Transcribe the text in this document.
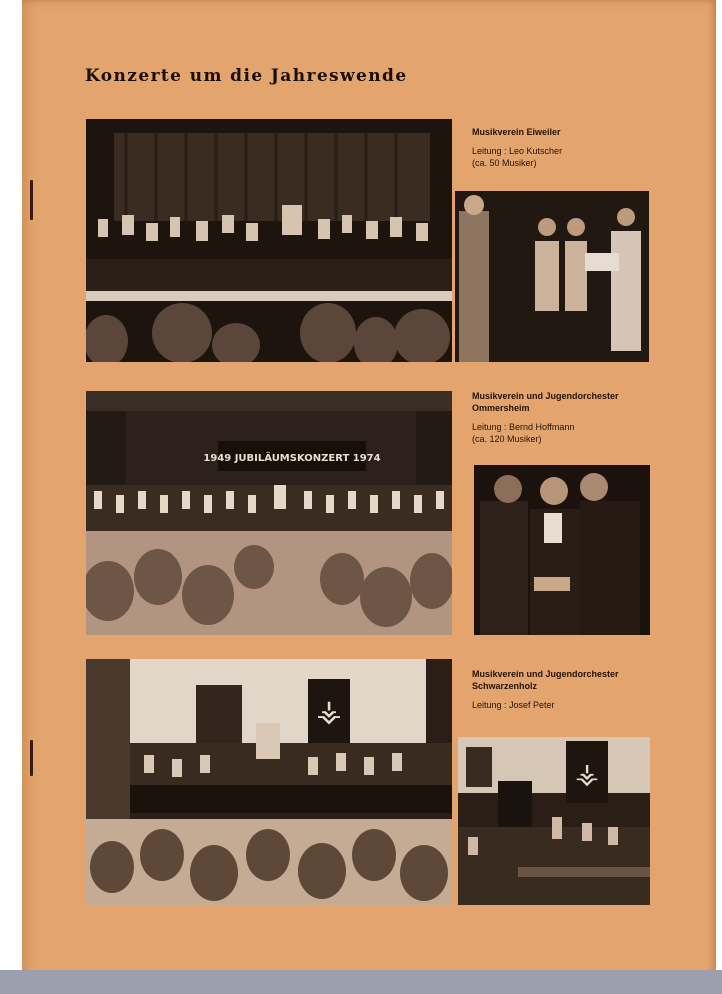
Konzerte um die Jahreswende
Musikverein Eiweiler
Leitung : Leo Kutscher
(ca. 50 Musiker)
1949 JUBILÄUMSKONZERT 1974
Musikverein und Jugendorchester
Ommersheim
Leitung : Bernd Hoffmann
(ca. 120 Musiker)
⚶
Musikverein und Jugendorchester
Schwarzenholz
Leitung : Josef Peter
⚶
